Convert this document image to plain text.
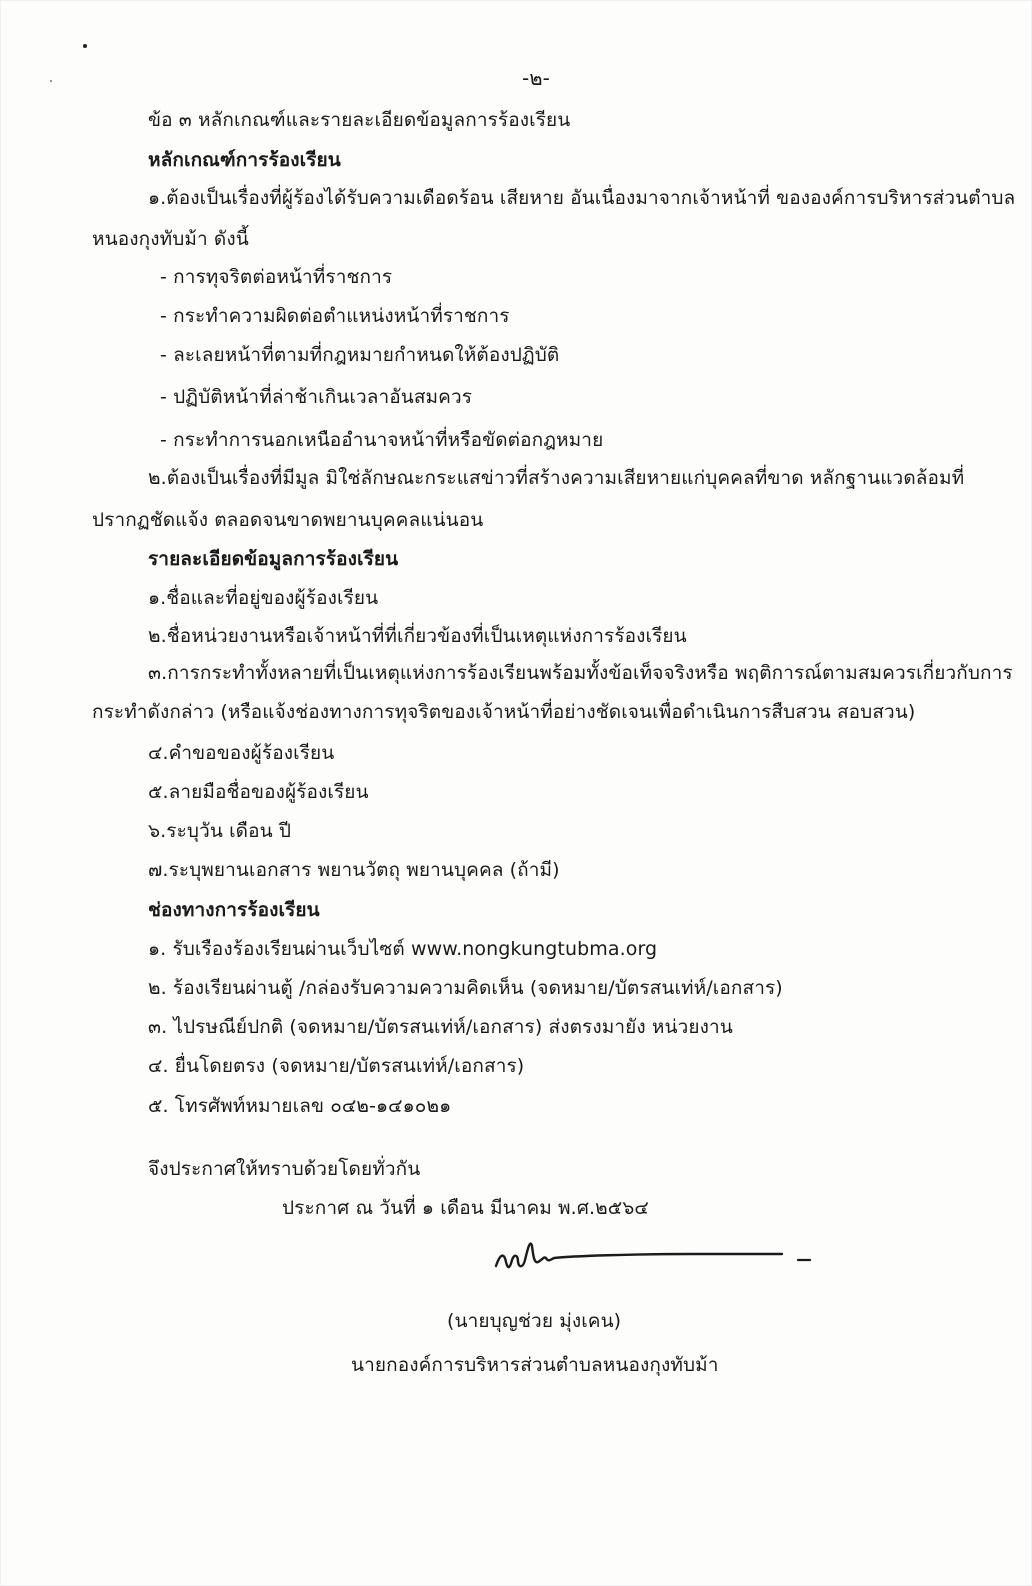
-๒-
ข้อ ๓ หลักเกณฑ์และรายละเอียดข้อมูลการร้องเรียน
หลักเกณฑ์การร้องเรียน
๑.ต้องเป็นเรื่องที่ผู้ร้องได้รับความเดือดร้อน เสียหาย อันเนื่องมาจากเจ้าหน้าที่ ขององค์การบริหารส่วนตำบล
หนองกุงทับม้า ดังนี้
- การทุจริตต่อหน้าที่ราชการ
- กระทำความผิดต่อตำแหน่งหน้าที่ราชการ
- ละเลยหน้าที่ตามที่กฎหมายกำหนดให้ต้องปฏิบัติ
- ปฏิบัติหน้าที่ล่าช้าเกินเวลาอันสมควร
- กระทำการนอกเหนืออำนาจหน้าที่หรือขัดต่อกฎหมาย
๒.ต้องเป็นเรื่องที่มีมูล มิใช่ลักษณะกระแสข่าวที่สร้างความเสียหายแก่บุคคลที่ขาด หลักฐานแวดล้อมที่
ปรากฏชัดแจ้ง ตลอดจนขาดพยานบุคคลแน่นอน
รายละเอียดข้อมูลการร้องเรียน
๑.ชื่อและที่อยู่ของผู้ร้องเรียน
๒.ชื่อหน่วยงานหรือเจ้าหน้าที่ที่เกี่ยวข้องที่เป็นเหตุแห่งการร้องเรียน
๓.การกระทำทั้งหลายที่เป็นเหตุแห่งการร้องเรียนพร้อมทั้งข้อเท็จจริงหรือ พฤติการณ์ตามสมควรเกี่ยวกับการ
กระทำดังกล่าว (หรือแจ้งช่องทางการทุจริตของเจ้าหน้าที่อย่างชัดเจนเพื่อดำเนินการสืบสวน สอบสวน)
๔.คำขอของผู้ร้องเรียน
๕.ลายมือชื่อของผู้ร้องเรียน
๖.ระบุวัน เดือน ปี
๗.ระบุพยานเอกสาร พยานวัตถุ พยานบุคคล (ถ้ามี)
ช่องทางการร้องเรียน
๑. รับเรืองร้องเรียนผ่านเว็บไซต์ www.nongkungtubma.org
๒. ร้องเรียนผ่านตู้ /กล่องรับความความคิดเห็น (จดหมาย/บัตรสนเท่ห์/เอกสาร)
๓. ไปรษณีย์ปกติ (จดหมาย/บัตรสนเท่ห์/เอกสาร) ส่งตรงมายัง หน่วยงาน
๔. ยื่นโดยตรง (จดหมาย/บัตรสนเท่ห์/เอกสาร)
๕. โทรศัพท์หมายเลข ๐๔๒-๑๔๑๐๒๑
จึงประกาศให้ทราบด้วยโดยทั่วกัน
ประกาศ ณ วันที่ ๑ เดือน มีนาคม พ.ศ.๒๕๖๔
(นายบุญช่วย มุ่งเคน)
นายกองค์การบริหารส่วนตำบลหนองกุงทับม้า
